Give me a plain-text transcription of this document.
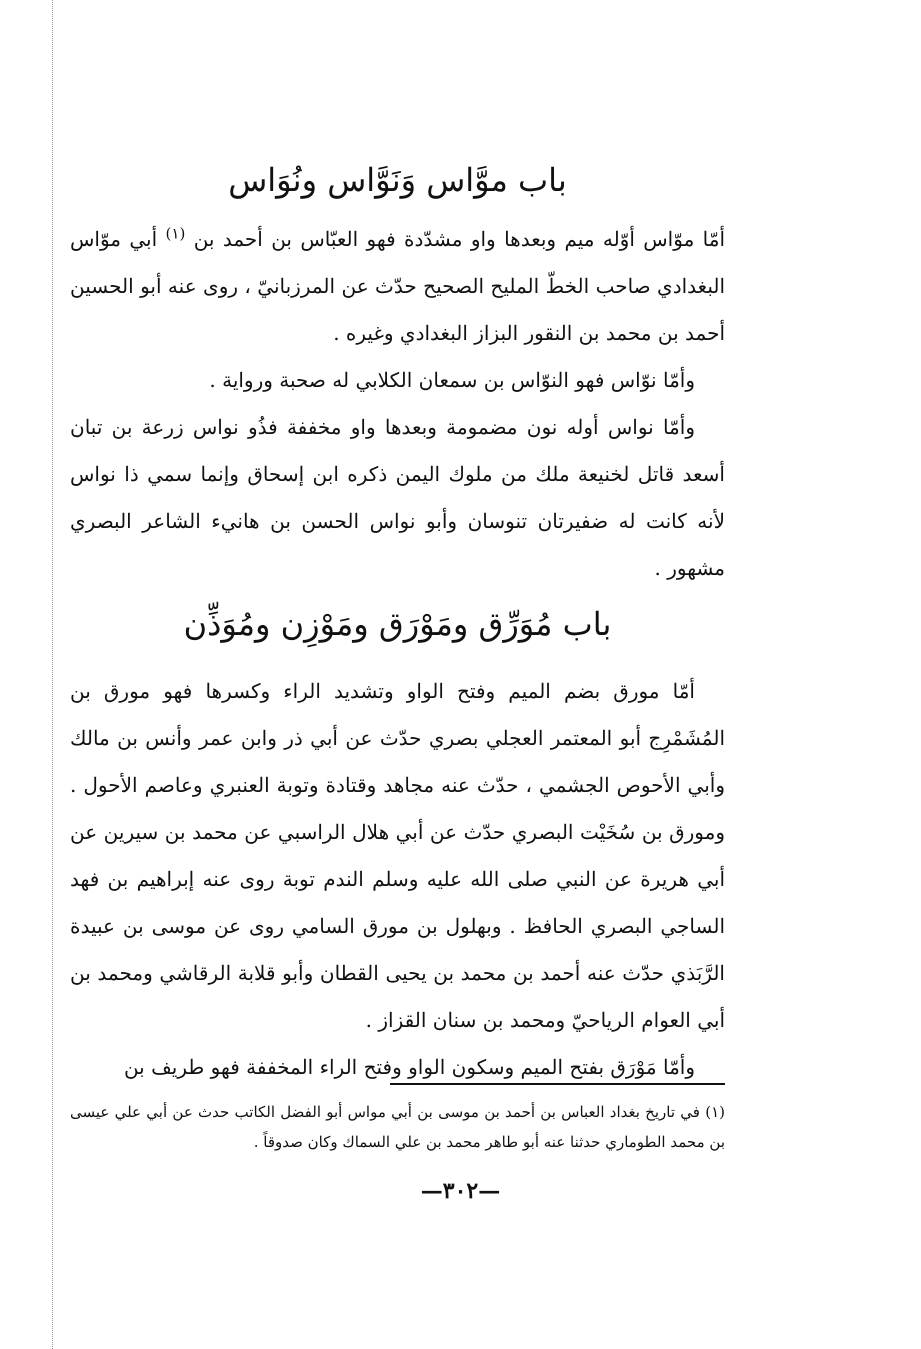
باب موَّاس وَنَوَّاس ونُوَاس

أمّا موّاس أوّله ميم وبعدها واو مشدّدة فهو العبّاس بن أحمد بن $^{(١)}$ أبي موّاس البغدادي صاحب الخطّ المليح الصحيح حدّث عن المرزبانيّ ، روى عنه أبو الحسين أحمد بن محمد بن النقور البزاز البغدادي وغيره .

وأمّا نوّاس فهو النوّاس بن سمعان الكلابي له صحبة ورواية .

وأمّا نواس أوله نون مضمومة وبعدها واو مخففة فذُو نواس زرعة بن تبان أسعد قاتل لخنيعة ملك من ملوك اليمن ذكره ابن إسحاق وإنما سمي ذا نواس لأنه كانت له ضفيرتان تنوسان وأبو نواس الحسن بن هانيء الشاعر البصري مشهور .

باب مُوَرِّق ومَوْرَق ومَوْزِن ومُوَذِّن

أمّا مورق بضم الميم وفتح الواو وتشديد الراء وكسرها فهو مورق بن المُشَمْرِج أبو المعتمر العجلي بصري حدّث عن أبي ذر وابن عمر وأنس بن مالك وأبي الأحوص الجشمي ، حدّث عنه مجاهد وقتادة وتوبة العنبري وعاصم الأحول . ومورق بن سُخَيْت البصري حدّث عن أبي هلال الراسبي عن محمد بن سيرين عن أبي هريرة عن النبي صلى الله عليه وسلم الندم توبة روى عنه إبراهيم بن فهد الساجي البصري الحافظ . وبهلول بن مورق السامي روى عن موسى بن عبيدة الرَّبَذي حدّث عنه أحمد بن محمد بن يحيى القطان وأبو قلابة الرقاشي ومحمد بن أبي العوام الرياحيّ ومحمد بن سنان القزاز .

وأمّا مَوْرَق بفتح الميم وسكون الواو وفتح الراء المخففة فهو طريف بن

(١) في تاريخ بغداد العباس بن أحمد بن موسى بن أبي مواس أبو الفضل الكاتب حدث عن أبي علي عيسى بن محمد الطوماري حدثنا عنه أبو طاهر محمد بن علي السماك وكان صدوقاً .

—٣٠٢—
